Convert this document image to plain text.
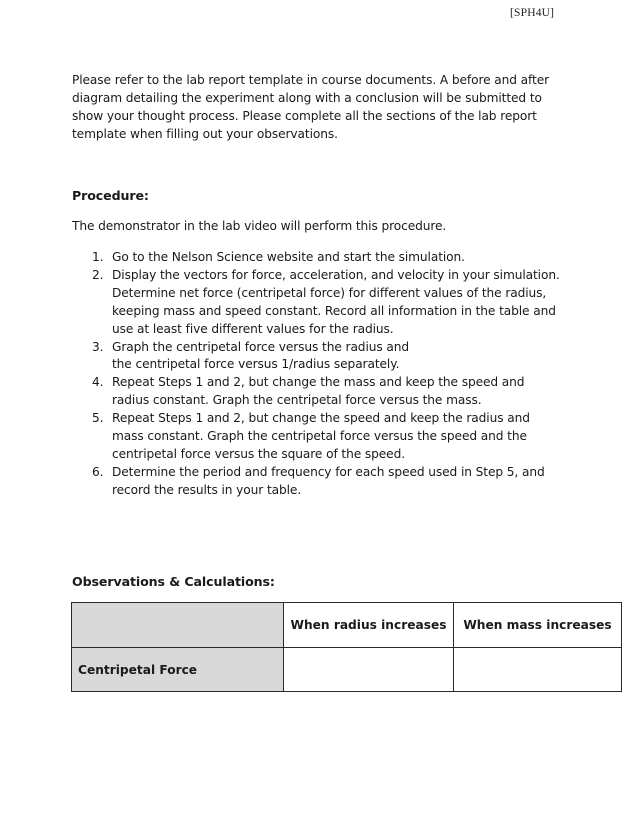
[SPH4U]

Please refer to the lab report template in course documents. A before and after diagram detailing the experiment along with a conclusion will be submitted to show your thought process. Please complete all the sections of the lab report template when filling out your observations.

Procedure:

The demonstrator in the lab video will perform this procedure.

1. Go to the Nelson Science website and start the simulation.
2. Display the vectors for force, acceleration, and velocity in your simulation. Determine net force (centripetal force) for different values of the radius, keeping mass and speed constant. Record all information in the table and use at least five different values for the radius.
3. Graph the centripetal force versus the radius and the centripetal force versus 1/radius separately.
4. Repeat Steps 1 and 2, but change the mass and keep the speed and radius constant. Graph the centripetal force versus the mass.
5. Repeat Steps 1 and 2, but change the speed and keep the radius and mass constant. Graph the centripetal force versus the speed and the centripetal force versus the square of the speed.
6. Determine the period and frequency for each speed used in Step 5, and record the results in your table.
Observations & Calculations:
	When radius increases	When mass increases
Centripetal Force		
